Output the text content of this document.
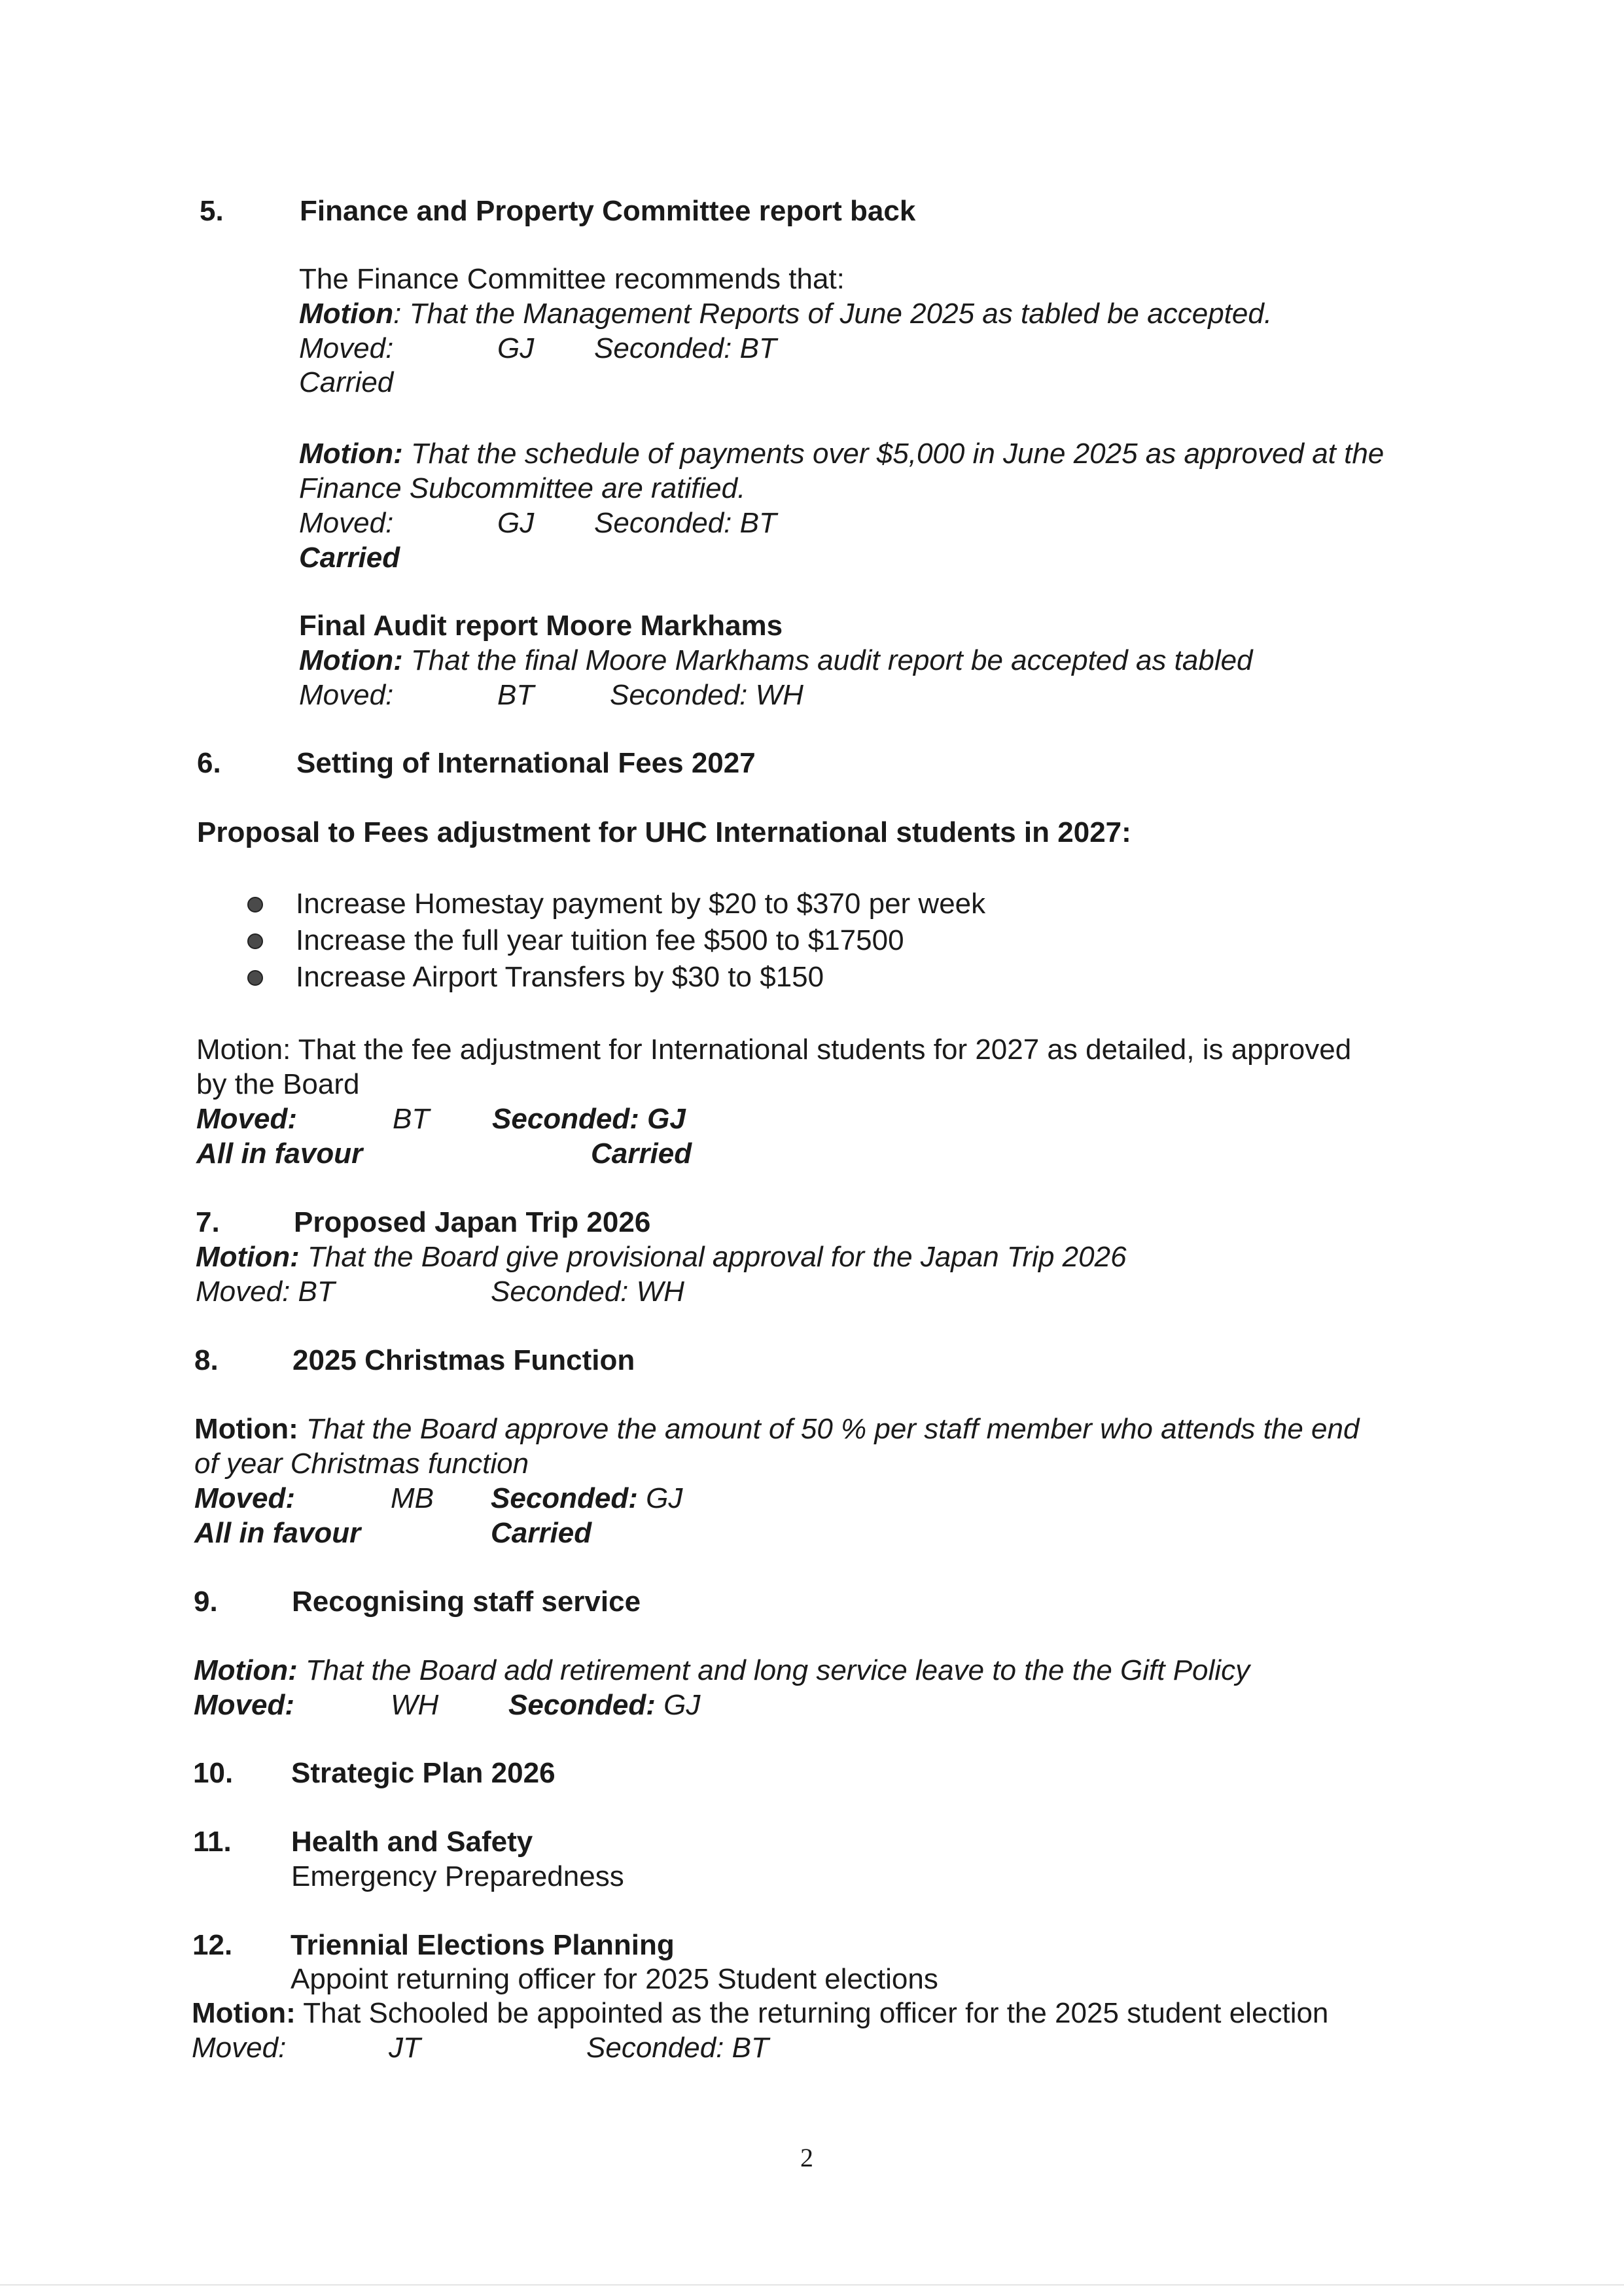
5.	Finance and Property Committee report back
The Finance Committee recommends that:
Motion: That the Management Reports of June 2025 as tabled be accepted.
Moved:	GJ Seconded: BT
Carried
Motion: That the schedule of payments over $5,000 in June 2025 as approved at the
Finance Subcommittee are ratified.
Moved:	GJ Seconded: BT
Carried
Final Audit report Moore Markhams
Motion: That the final Moore Markhams audit report be accepted as tabled
Moved:	BT	Seconded: WH
6.	Setting of International Fees 2027
Proposal to Fees adjustment for UHC International students in 2027:
Increase Homestay payment by $20 to $370 per week
Increase the full year tuition fee $500 to $17500
Increase Airport Transfers by $30 to $150
Motion: That the fee adjustment for International students for 2027 as detailed, is approved
by the Board
Moved:	BT Seconded: GJ
All in favour	Carried
7.	Proposed Japan Trip 2026
Motion: That the Board give provisional approval for the Japan Trip 2026
Moved: BT	Seconded: WH
8.	2025 Christmas Function
Motion: That the Board approve the amount of 50 % per staff member who attends the end
of year Christmas function
Moved:	MB Seconded: GJ
All in favour	Carried
9.	Recognising staff service
Motion: That the Board add retirement and long service leave to the the Gift Policy
Moved:	WH Seconded: GJ
10. Strategic Plan 2026
11. Health and Safety
Emergency Preparedness
12. Triennial Elections Planning
Appoint returning officer for 2025 Student elections
Motion: That Schooled be appointed as the returning officer for the 2025 student election
Moved:	JT	Seconded: BT
2
